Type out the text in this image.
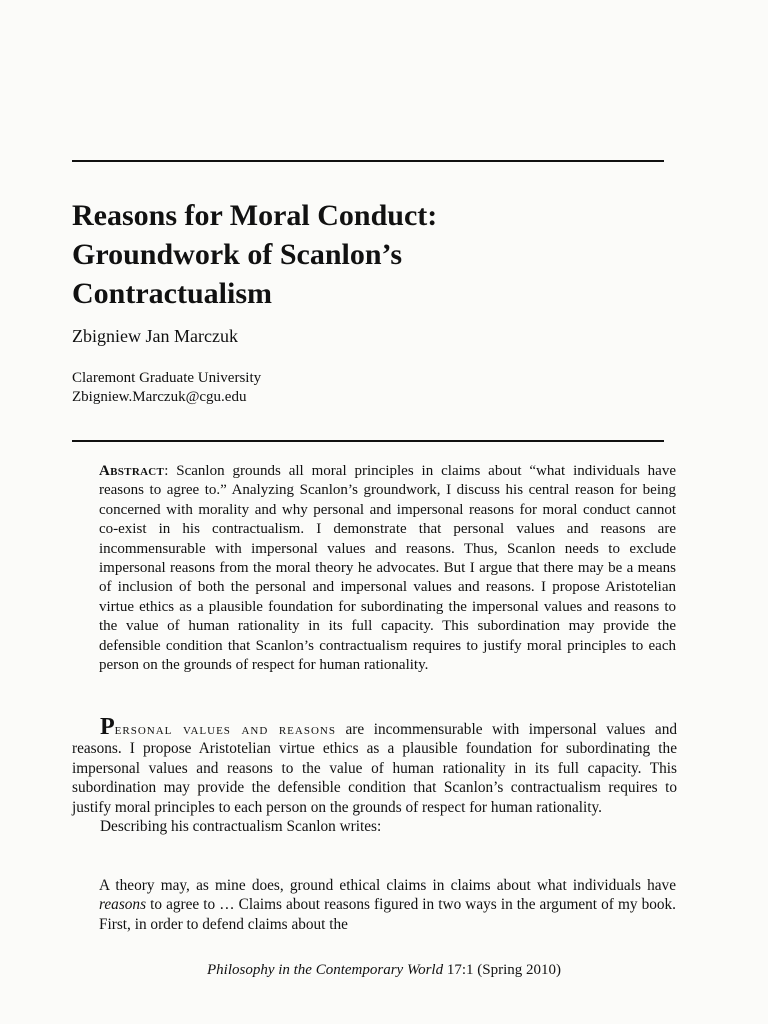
Reasons for Moral Conduct:
Groundwork of Scanlon’s
Contractualism

Zbigniew Jan Marczuk

Claremont Graduate University
Zbigniew.Marczuk@cgu.edu

Abstract: Scanlon grounds all moral principles in claims about “what individuals have reasons to agree to.” Analyzing Scanlon’s groundwork, I discuss his central reason for being concerned with morality and why personal and impersonal reasons for moral conduct cannot co-exist in his contractualism. I demonstrate that personal values and reasons are incommensurable with impersonal values and reasons. Thus, Scanlon needs to exclude impersonal reasons from the moral theory he advocates. But I argue that there may be a means of inclusion of both the personal and impersonal values and reasons. I propose Aristotelian virtue ethics as a plausible foundation for subordinating the impersonal values and reasons to the value of human rationality in its full capacity. This subordination may provide the defensible condition that Scanlon’s contractualism requires to justify moral principles to each person on the grounds of respect for human rationality.

Personal values and reasons are incommensurable with impersonal values and reasons. I propose Aristotelian virtue ethics as a plausible foundation for subordinating the impersonal values and reasons to the value of human rationality in its full capacity. This subordination may provide the defensible condition that Scanlon’s contractualism requires to justify moral principles to each person on the grounds of respect for human rationality.

Describing his contractualism Scanlon writes:

A theory may, as mine does, ground ethical claims in claims about what individuals have reasons to agree to … Claims about reasons figured in two ways in the argument of my book. First, in order to defend claims about the

Philosophy in the Contemporary World 17:1 (Spring 2010)
